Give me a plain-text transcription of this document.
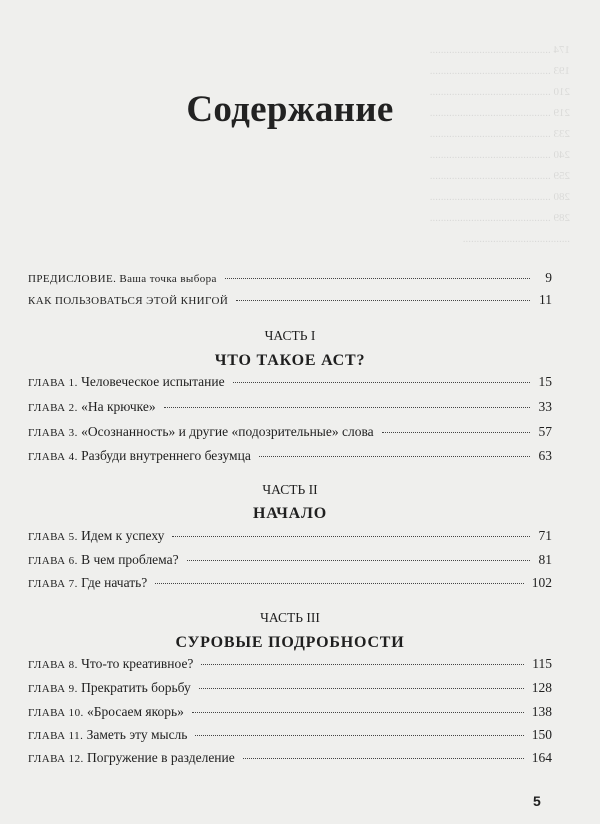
174 ............................................
193 ............................................
210 ............................................
219 ............................................
233 ............................................
240 ............................................
259 ............................................
280 ............................................
289 ............................................
.......................................
Содержание
ПРЕДИСЛОВИЕ. Ваша точка выбора	9
КАК ПОЛЬЗОВАТЬСЯ ЭТОЙ КНИГОЙ	11
ЧАСТЬ I
ЧТО ТАКОЕ АСТ?
ГЛАВА 1. Человеческое испытание	15
ГЛАВА 2. «На крючке»	33
ГЛАВА 3. «Осознанность» и другие «подозрительные» слова	57
ГЛАВА 4. Разбуди внутреннего безумца	63
ЧАСТЬ II
НАЧАЛО
ГЛАВА 5. Идем к успеху	71
ГЛАВА 6. В чем проблема?	81
ГЛАВА 7. Где начать?	102
ЧАСТЬ III
СУРОВЫЕ ПОДРОБНОСТИ
ГЛАВА 8. Что-то креативное?	115
ГЛАВА 9. Прекратить борьбу	128
ГЛАВА 10. «Бросаем якорь»	138
ГЛАВА 11. Заметь эту мысль	150
ГЛАВА 12. Погружение в разделение	164
5
